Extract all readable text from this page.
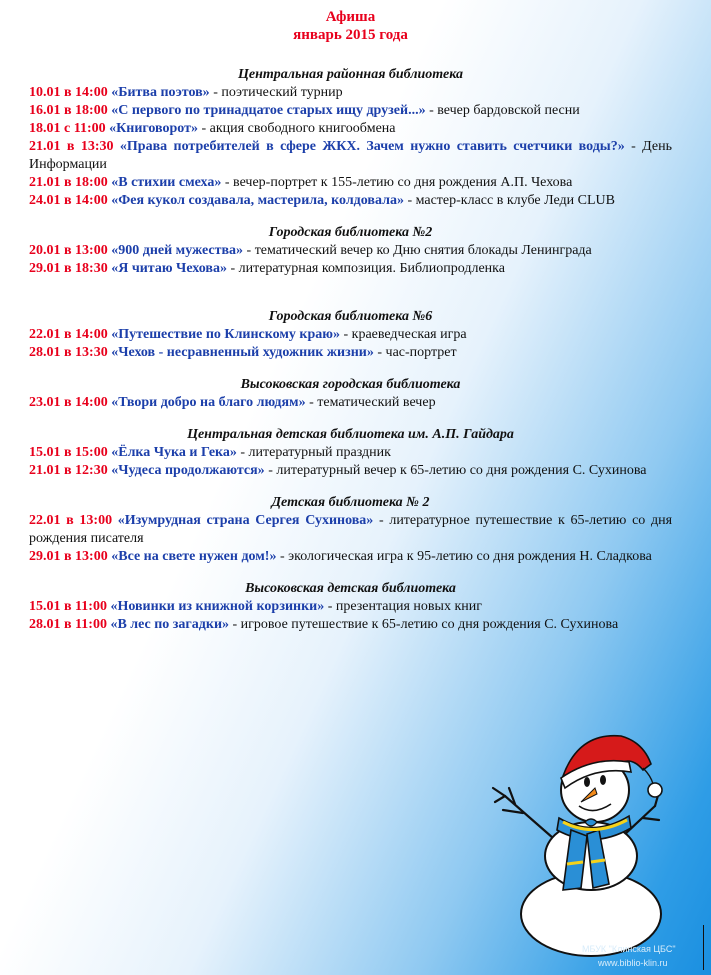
Афиша
январь 2015 года
Центральная районная библиотека
10.01 в 14:00 «Битва поэтов» - поэтический турнир
16.01 в 18:00 «С первого по тринадцатое старых ищу друзей...» - вечер бардовской песни
18.01 с 11:00 «Книговорот» - акция свободного книгообмена
21.01 в 13:30 «Права потребителей в сфере ЖКХ. Зачем нужно ставить счетчики воды?» - День Информации
21.01 в 18:00 «В стихии смеха» - вечер-портрет к 155-летию со дня рождения А.П. Чехова
24.01 в 14:00 «Фея кукол создавала, мастерила, колдовала» - мастер-класс в клубе Леди CLUB
Городская библиотека №2
20.01 в 13:00 «900 дней мужества» - тематический вечер ко Дню снятия блокады Ленинграда
29.01 в 18:30 «Я читаю Чехова» - литературная композиция. Библиопродленка
Городская библиотека №6
22.01 в 14:00 «Путешествие по Клинскому краю» - краеведческая игра
28.01 в 13:30 «Чехов - несравненный художник жизни» - час-портрет
Высоковская городская библиотека
23.01 в 14:00 «Твори добро на благо людям» - тематический вечер
Центральная детская библиотека им. А.П. Гайдара
15.01 в 15:00 «Ёлка Чука и Гека» - литературный праздник
21.01 в 12:30 «Чудеса продолжаются» - литературный вечер к 65-летию со дня рождения С. Сухинова
Детская библиотека № 2
22.01 в 13:00 «Изумрудная страна Сергея Сухинова» - литературное путешествие к 65-летию со дня рождения писателя
29.01 в 13:00 «Все на свете нужен дом!» - экологическая игра к 95-летию со дня рождения Н. Сладкова
Высоковская детская библиотека
15.01 в 11:00 «Новинки из книжной корзинки» - презентация новых книг
28.01 в 11:00 «В лес по загадки» - игровое путешествие к 65-летию со дня рождения С. Сухинова
МБУК "Клинская ЦБС"
www.biblio-klin.ru
